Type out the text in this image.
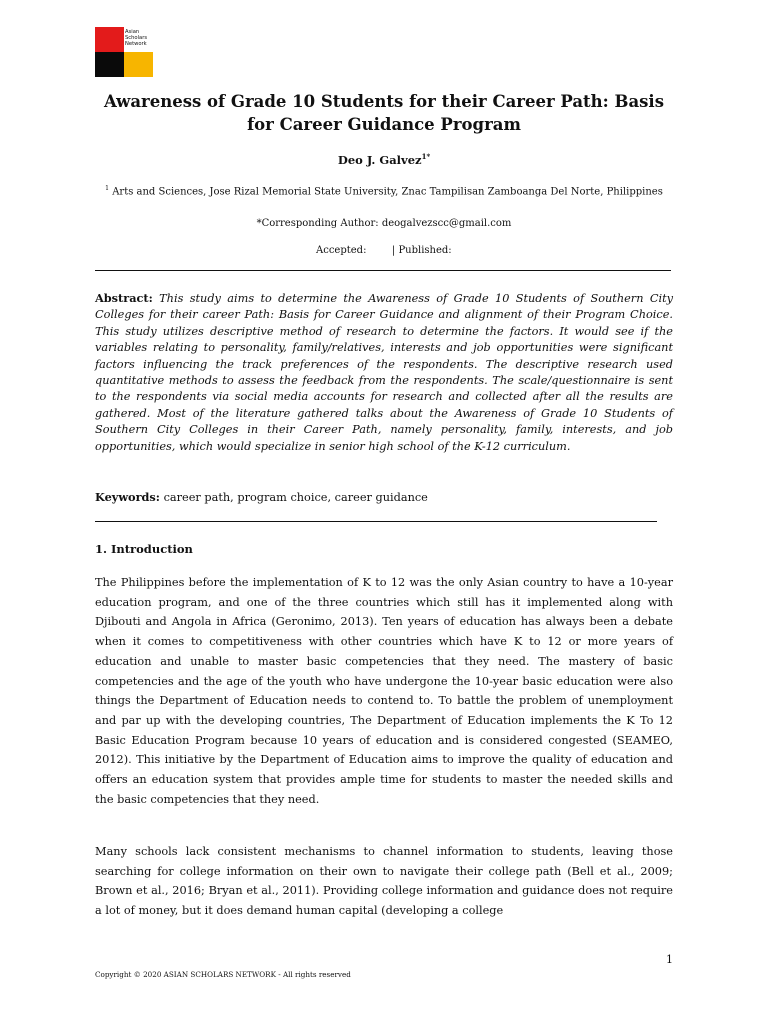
Asian
Scholars
Network
Awareness of Grade 10 Students for their Career Path: Basis for Career Guidance Program
Deo J. Galvez$^{1*}$
$^1$ Arts and Sciences, Jose Rizal Memorial State University, Znac Tampilisan Zamboanga Del Norte, Philippines
*Corresponding Author: deogalvezscc@gmail.com
Accepted:	| Published:
Abstract: This study aims to determine the Awareness of Grade 10 Students of Southern City Colleges for their career Path: Basis for Career Guidance and alignment of their Program Choice. This study utilizes descriptive method of research to determine the factors. It would see if the variables relating to personality, family/relatives, interests and job opportunities were significant factors influencing the track preferences of the respondents. The descriptive research used quantitative methods to assess the feedback from the respondents. The scale/questionnaire is sent to the respondents via social media accounts for research and collected after all the results are gathered. Most of the literature gathered talks about the Awareness of Grade 10 Students of Southern City Colleges in their Career Path, namely personality, family, interests, and job opportunities, which would specialize in senior high school of the K-12 curriculum.
Keywords: career path, program choice, career guidance
1. Introduction
The Philippines before the implementation of K to 12 was the only Asian country to have a 10-year education program, and one of the three countries which still has it implemented along with Djibouti and Angola in Africa (Geronimo, 2013). Ten years of education has always been a debate when it comes to competitiveness with other countries which have K to 12 or more years of education and unable to master basic competencies that they need. The mastery of basic competencies and the age of the youth who have undergone the 10-year basic education were also things the Department of Education needs to contend to. To battle the problem of unemployment and par up with the developing countries, The Department of Education implements the K To 12 Basic Education Program because 10 years of education and is considered congested (SEAMEO, 2012). This initiative by the Department of Education aims to improve the quality of education and offers an education system that provides ample time for students to master the needed skills and the basic competencies that they need.
Many schools lack consistent mechanisms to channel information to students, leaving those searching for college information on their own to navigate their college path (Bell et al., 2009; Brown et al., 2016; Bryan et al., 2011). Providing college information and guidance does not require a lot of money, but it does demand human capital (developing a college
1
Copyright © 2020 ASIAN SCHOLARS NETWORK - All rights reserved
